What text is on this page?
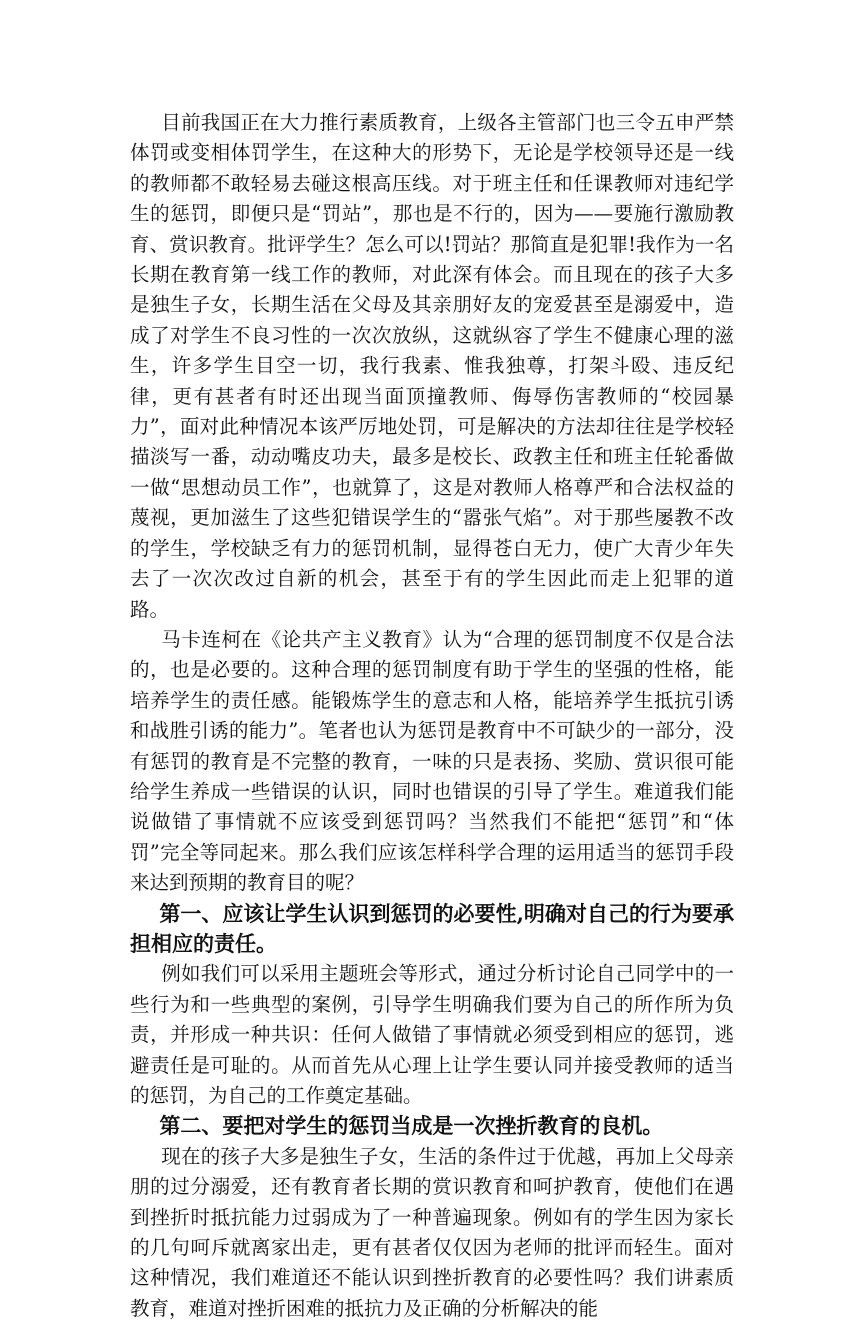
目前我国正在大力推行素质教育，上级各主管部门也三令五申严禁体罚或变相体罚学生，在这种大的形势下，无论是学校领导还是一线的教师都不敢轻易去碰这根高压线。对于班主任和任课教师对违纪学生的惩罚，即便只是“罚站”，那也是不行的，因为——要施行激励教育、赏识教育。批评学生？怎么可以!罚站？那简直是犯罪!我作为一名长期在教育第一线工作的教师，对此深有体会。而且现在的孩子大多是独生子女，长期生活在父母及其亲朋好友的宠爱甚至是溺爱中，造成了对学生不良习性的一次次放纵，这就纵容了学生不健康心理的滋生，许多学生目空一切，我行我素、惟我独尊，打架斗殴、违反纪律，更有甚者有时还出现当面顶撞教师、侮辱伤害教师的“校园暴力”，面对此种情况本该严厉地处罚，可是解决的方法却往往是学校轻描淡写一番，动动嘴皮功夫，最多是校长、政教主任和班主任轮番做一做“思想动员工作”，也就算了，这是对教师人格尊严和合法权益的蔑视，更加滋生了这些犯错误学生的“嚣张气焰”。对于那些屡教不改的学生，学校缺乏有力的惩罚机制，显得苍白无力，使广大青少年失去了一次次改过自新的机会，甚至于有的学生因此而走上犯罪的道路。

马卡连柯在《论共产主义教育》认为“合理的惩罚制度不仅是合法的，也是必要的。这种合理的惩罚制度有助于学生的坚强的性格，能培养学生的责任感。能锻炼学生的意志和人格，能培养学生抵抗引诱和战胜引诱的能力”。笔者也认为惩罚是教育中不可缺少的一部分，没有惩罚的教育是不完整的教育，一味的只是表扬、奖励、赏识很可能给学生养成一些错误的认识，同时也错误的引导了学生。难道我们能说做错了事情就不应该受到惩罚吗？当然我们不能把“惩罚”和“体罚”完全等同起来。那么我们应该怎样科学合理的运用适当的惩罚手段来达到预期的教育目的呢？

第一、应该让学生认识到惩罚的必要性,明确对自己的行为要承担相应的责任。

例如我们可以采用主题班会等形式，通过分析讨论自己同学中的一些行为和一些典型的案例，引导学生明确我们要为自己的所作所为负责，并形成一种共识：任何人做错了事情就必须受到相应的惩罚，逃避责任是可耻的。从而首先从心理上让学生要认同并接受教师的适当的惩罚，为自己的工作奠定基础。

第二、要把对学生的惩罚当成是一次挫折教育的良机。

现在的孩子大多是独生子女，生活的条件过于优越，再加上父母亲朋的过分溺爱，还有教育者长期的赏识教育和呵护教育，使他们在遇到挫折时抵抗能力过弱成为了一种普遍现象。例如有的学生因为家长的几句呵斥就离家出走，更有甚者仅仅因为老师的批评而轻生。面对这种情况，我们难道还不能认识到挫折教育的必要性吗？我们讲素质教育，难道对挫折困难的抵抗力及正确的分析解决的能
